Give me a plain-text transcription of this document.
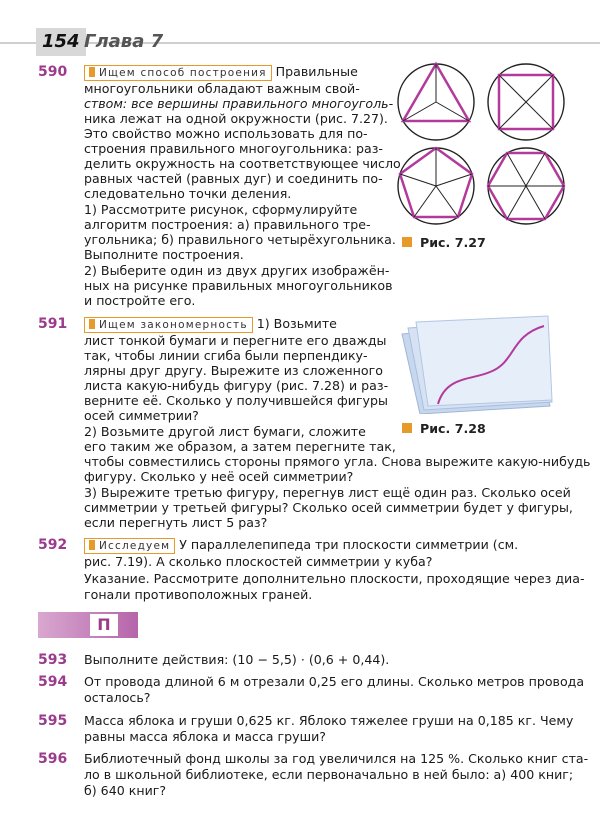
154 Глава 7
590	Ищем способ построения Правильные
многоугольники обладают важным свой-
ством: все вершины правильного многоуголь-
ника лежат на одной окружности (рис. 7.27).
Это свойство можно использовать для по-
строения правильного многоугольника: раз-
делить окружность на соответствующее число
равных частей (равных дуг) и соединить по-
следовательно точки деления.
1) Рассмотрите рисунок, сформулируйте
алгоритм построения: а) правильного тре-
угольника; б) правильного четырёхугольника.
Выполните построения.
2) Выберите один из двух других изображён-
ных на рисунке правильных многоугольников
и постройте его.
Рис. 7.27
591	Ищем закономерность 1) Возьмите
лист тонкой бумаги и перегните его дважды
так, чтобы линии сгиба были перпендику-
лярны друг другу. Вырежите из сложенного
листа какую-нибудь фигуру (рис. 7.28) и раз-
верните её. Сколько у получившейся фигуры
осей симметрии?
2) Возьмите другой лист бумаги, сложите
его таким же образом, а затем перегните так,
чтобы совместились стороны прямого угла. Снова вырежите какую-нибудь
фигуру. Сколько у неё осей симметрии?
3) Вырежите третью фигуру, перегнув лист ещё один раз. Сколько осей
симметрии у третьей фигуры? Сколько осей симметрии будет у фигуры,
если перегнуть лист 5 раз?
Рис. 7.28
592	Исследуем У параллелепипеда три плоскости симметрии (см.
рис. 7.19). А сколько плоскостей симметрии у куба?
Указание. Рассмотрите дополнительно плоскости, проходящие через диа-
гонали противоположных граней.
П
593 Выполните действия: (10 − 5,5) · (0,6 + 0,44).
594 От провода длиной 6 м отрезали 0,25 его длины. Сколько метров провода
осталось?
595 Масса яблока и груши 0,625 кг. Яблоко тяжелее груши на 0,185 кг. Чему
равны масса яблока и масса груши?
596 Библиотечный фонд школы за год увеличился на 125 %. Сколько книг ста-
ло в школьной библиотеке, если первоначально в ней было: а) 400 книг;
б) 640 книг?
